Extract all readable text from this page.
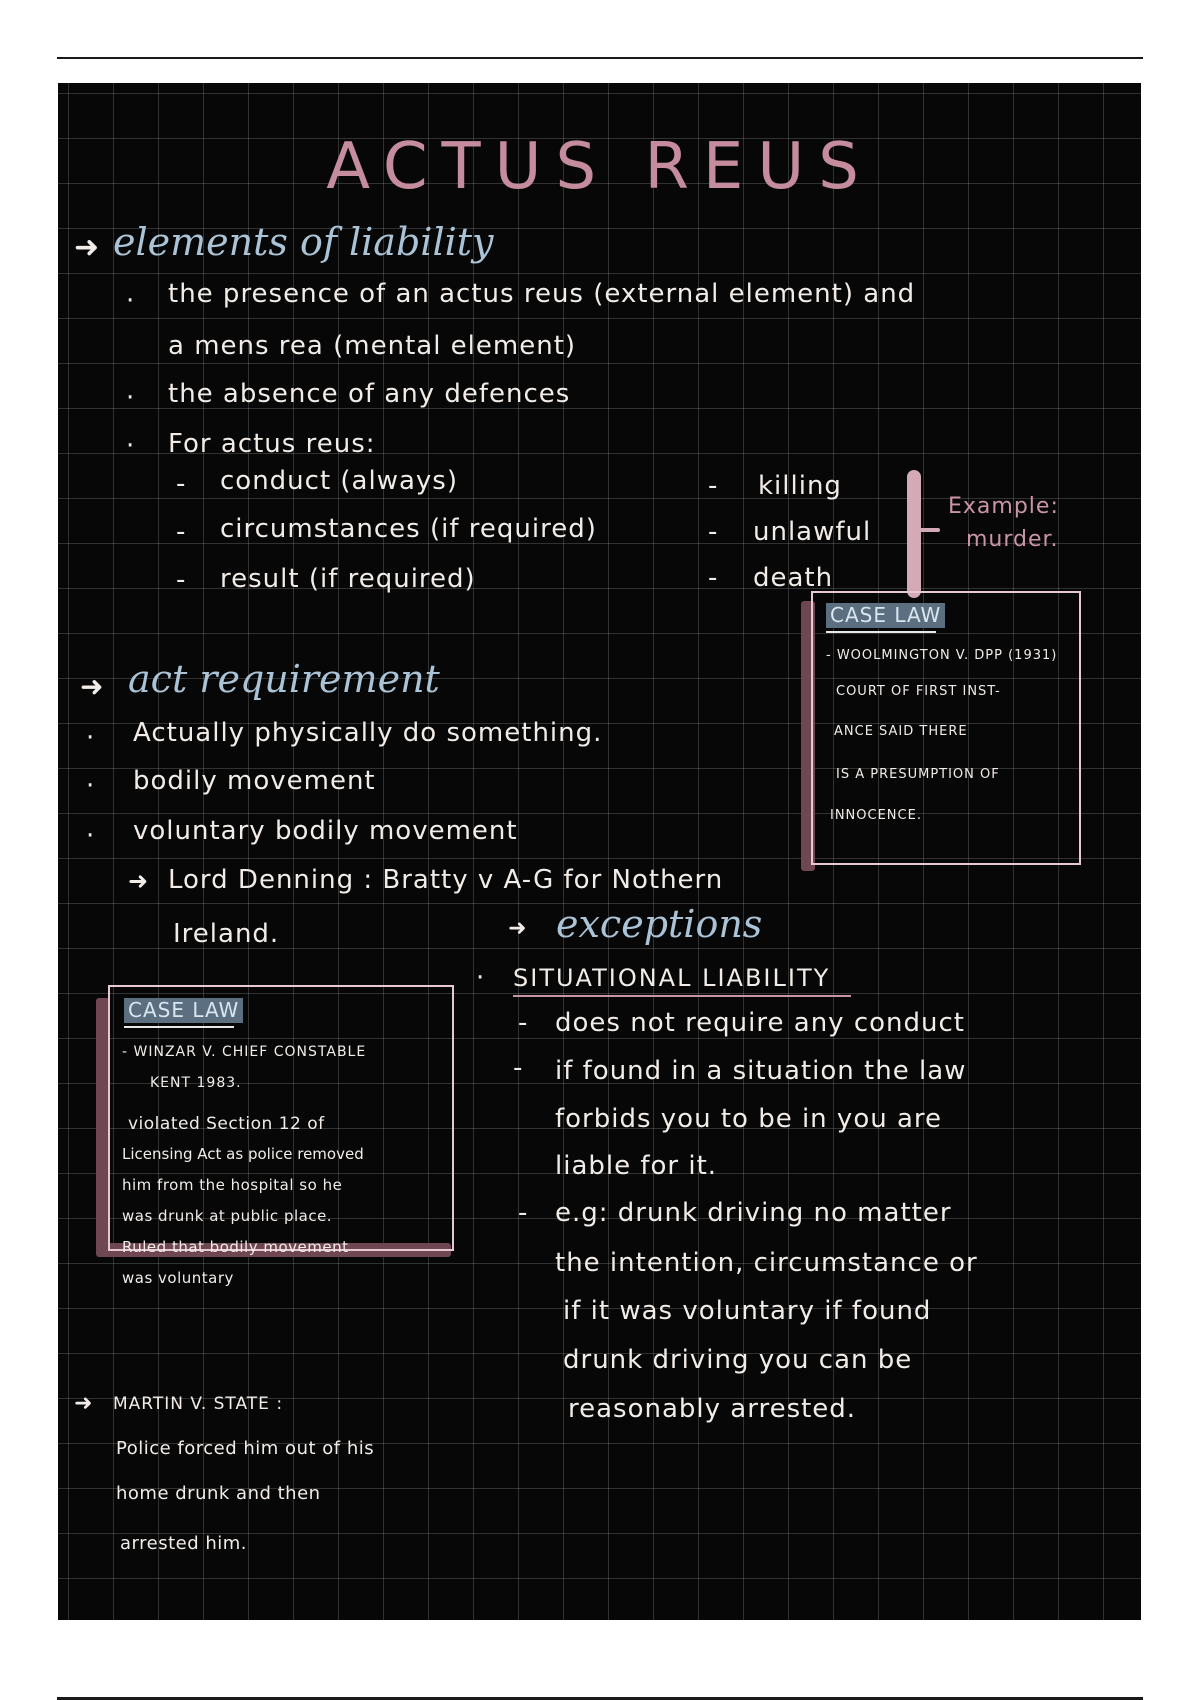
ACTUS REUS
➜ elements of liability
· the presence of an actus reus (external element) and
a mens rea (mental element)
· the absence of any defences
· For actus reus:
- conduct (always)
- circumstances (if required)
- result (if required)
- killing
- unlawful
- death
Example:
murder.
CASE LAW
- WOOLMINGTON V. DPP (1931)
COURT OF FIRST INST-
ANCE SAID THERE
IS A PRESUMPTION OF
INNOCENCE.
➜ act requirement
· Actually physically do something.
· bodily movement
· voluntary bodily movement
➜ Lord Denning : Bratty v A-G for Nothern
Ireland.
CASE LAW
- WINZAR V. CHIEF CONSTABLE
KENT 1983.
violated Section 12 of
Licensing Act as police removed
him from the hospital so he
was drunk at public place.
Ruled that bodily movement
was voluntary
➜ exceptions
· SITUATIONAL LIABILITY
- does not require any conduct
- if found in a situation the law
forbids you to be in you are
liable for it.
- e.g: drunk driving no matter
the intention, circumstance or
if it was voluntary if found
drunk driving you can be
reasonably arrested.
➜ MARTIN V. STATE :
Police forced him out of his
home drunk and then
arrested him.
